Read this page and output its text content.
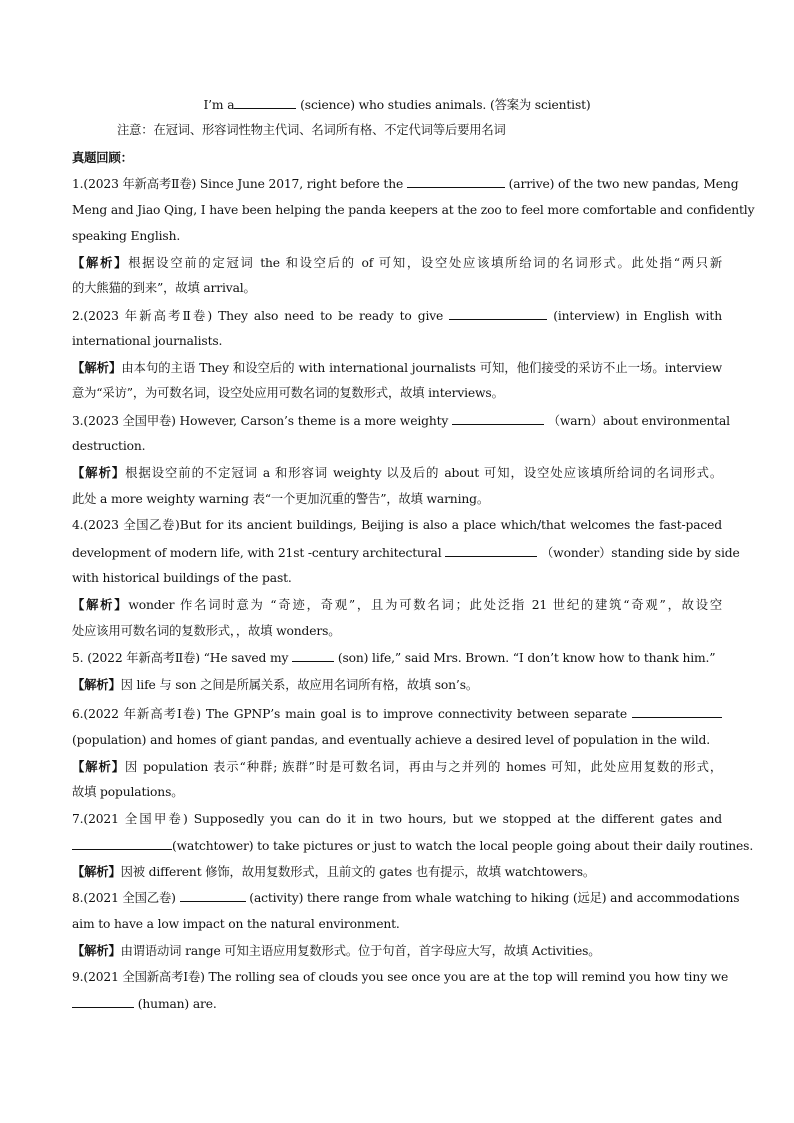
I’m a	(science) who studies animals. (答案为 scientist)
注意：在冠词、形容词性物主代词、名词所有格、不定代词等后要用名词
真题回顾：
1.(2023 年新高考Ⅱ卷) Since June 2017, right before the	(arrive) of the two new pandas, Meng
Meng and Jiao Qing, I have been helping the panda keepers at the zoo to feel more comfortable and confidently
speaking English.
【解析】根据设空前的定冠词 the 和设空后的 of 可知，设空处应该填所给词的名词形式。此处指“两只新
的大熊猫的到来”，故填 arrival。
2.(2023 年新高考Ⅱ卷) They also need to be ready to give	(interview) in English with
international journalists.
【解析】由本句的主语 They 和设空后的 with international journalists 可知，他们接受的采访不止一场。interview
意为“采访”，为可数名词，设空处应用可数名词的复数形式，故填 interviews。
3.(2023 全国甲卷) However, Carson’s theme is a more weighty	（warn）about environmental
destruction.
【解析】根据设空前的不定冠词 a 和形容词 weighty 以及后的 about 可知，设空处应该填所给词的名词形式。
此处 a more weighty warning 表“一个更加沉重的警告”，故填 warning。
4.(2023 全国乙卷)But for its ancient buildings, Beijing is also a place which/that welcomes the fast-paced
development of modern life, with 21st -century architectural	（wonder）standing side by side
with historical buildings of the past.
【解析】wonder 作名词时意为 “奇迹，奇观”，且为可数名词；此处泛指 21 世纪的建筑“奇观”，故设空
处应该用可数名词的复数形式，，故填 wonders。
5. (2022 年新高考Ⅱ卷) “He saved my	(son) life,” said Mrs. Brown. “I don’t know how to thank him.”
【解析】因 life 与 son 之间是所属关系，故应用名词所有格，故填 son’s。
6.(2022 年新高考Ⅰ卷) The GPNP’s main goal is to improve connectivity between separate
(population) and homes of giant pandas, and eventually achieve a desired level of population in the wild.
【解析】因 population 表示“种群; 族群”时是可数名词，再由与之并列的 homes 可知，此处应用复数的形式，
故填 populations。
7.(2021 全国甲卷) Supposedly you can do it in two hours, but we stopped at the different gates and
(watchtower) to take pictures or just to watch the local people going about their daily routines.
【解析】因被 different 修饰，故用复数形式，且前文的 gates 也有提示，故填 watchtowers。
8.(2021 全国乙卷)	(activity) there range from whale watching to hiking (远足) and accommodations
aim to have a low impact on the natural environment.
【解析】由谓语动词 range 可知主语应用复数形式。位于句首，首字母应大写，故填 Activities。
9.(2021 全国新高考Ⅰ卷) The rolling sea of clouds you see once you are at the top will remind you how tiny we
(human) are.
